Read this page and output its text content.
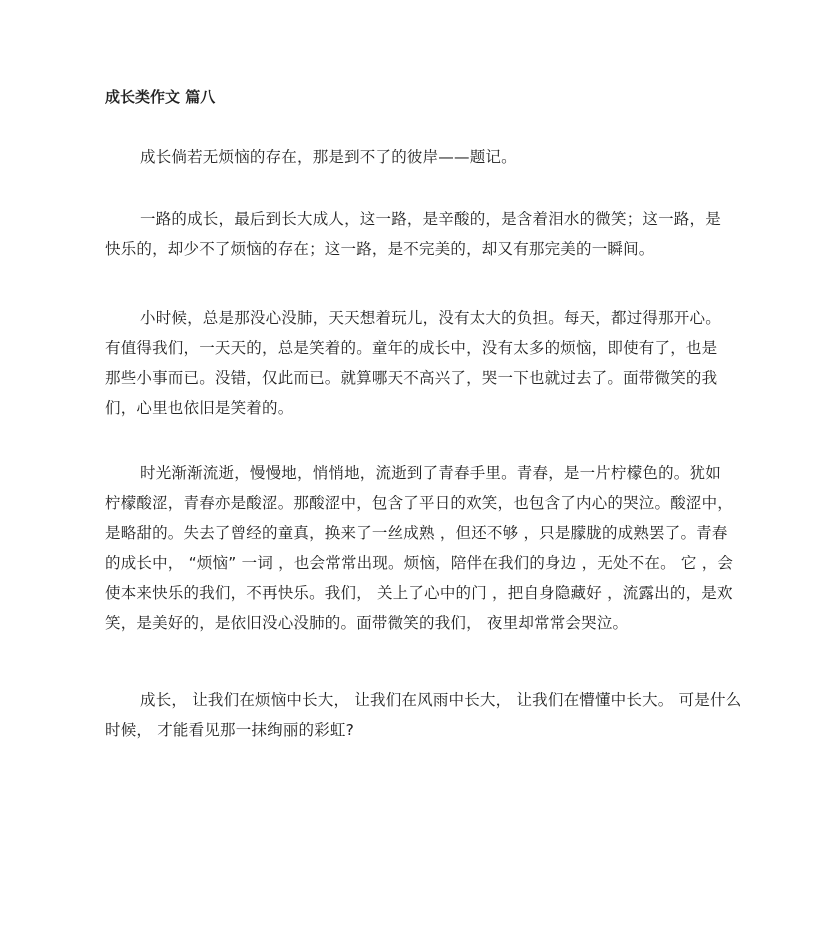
成长类作文 篇八
成长倘若无烦恼的存在，那是到不了的彼岸——题记。
一路的成长，最后到长大成人，这一路，是辛酸的，是含着泪水的微笑；这一路，是
快乐的，却少不了烦恼的存在；这一路，是不完美的，却又有那完美的一瞬间。
小时候，总是那没心没肺，天天想着玩儿，没有太大的负担。每天，都过得那开心。
有值得我们，一天天的，总是笑着的。童年的成长中，没有太多的烦恼，即使有了，也是
那些小事而已。没错，仅此而已。就算哪天不高兴了，哭一下也就过去了。面带微笑的我
们，心里也依旧是笑着的。
时光渐渐流逝，慢慢地，悄悄地，流逝到了青春手里。青春，是一片柠檬色的。犹如
柠檬酸涩，青春亦是酸涩。那酸涩中，包含了平日的欢笑，也包含了内心的哭泣。酸涩中，
是略甜的。失去了曾经的童真，换来了一丝成熟 ，但还不够 ，只是朦胧的成熟罢了。青春
的成长中， “烦恼” 一词 ，也会常常出现。烦恼，陪伴在我们的身边 ，无处不在。 它 ，会
使本来快乐的我们，不再快乐。我们， 关上了心中的门 ，把自身隐藏好 ，流露出的，是欢
笑，是美好的，是依旧没心没肺的。面带微笑的我们， 夜里却常常会哭泣。
成长， 让我们在烦恼中长大， 让我们在风雨中长大， 让我们在懵懂中长大。 可是什么
时候， 才能看见那一抹绚丽的彩虹?
